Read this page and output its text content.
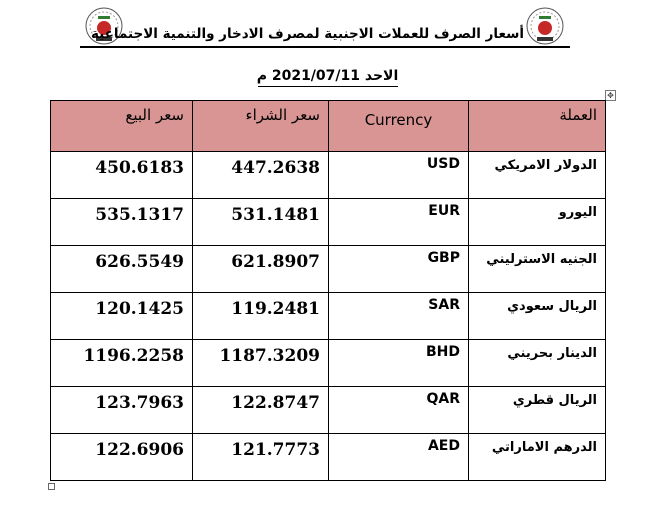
أسعار الصرف للعملات الاجنبية لمصرف الادخار والتنمية الاجتماعية
الاحد 2021/07/11 م
✥
سعر البيع	سعر الشراء	Currency	العملة

450.6183	447.2638	USD	الدولار الامريكي

535.1317	531.1481	EUR	اليورو

626.5549	621.8907	GBP	الجنيه الاسترليني

120.1425	119.2481	SAR	الريال سعودي

1196.2258	1187.3209	BHD	الدينار بحريني

123.7963	122.8747	QAR	الريال قطري

122.6906	121.7773	AED	الدرهم الاماراتي
